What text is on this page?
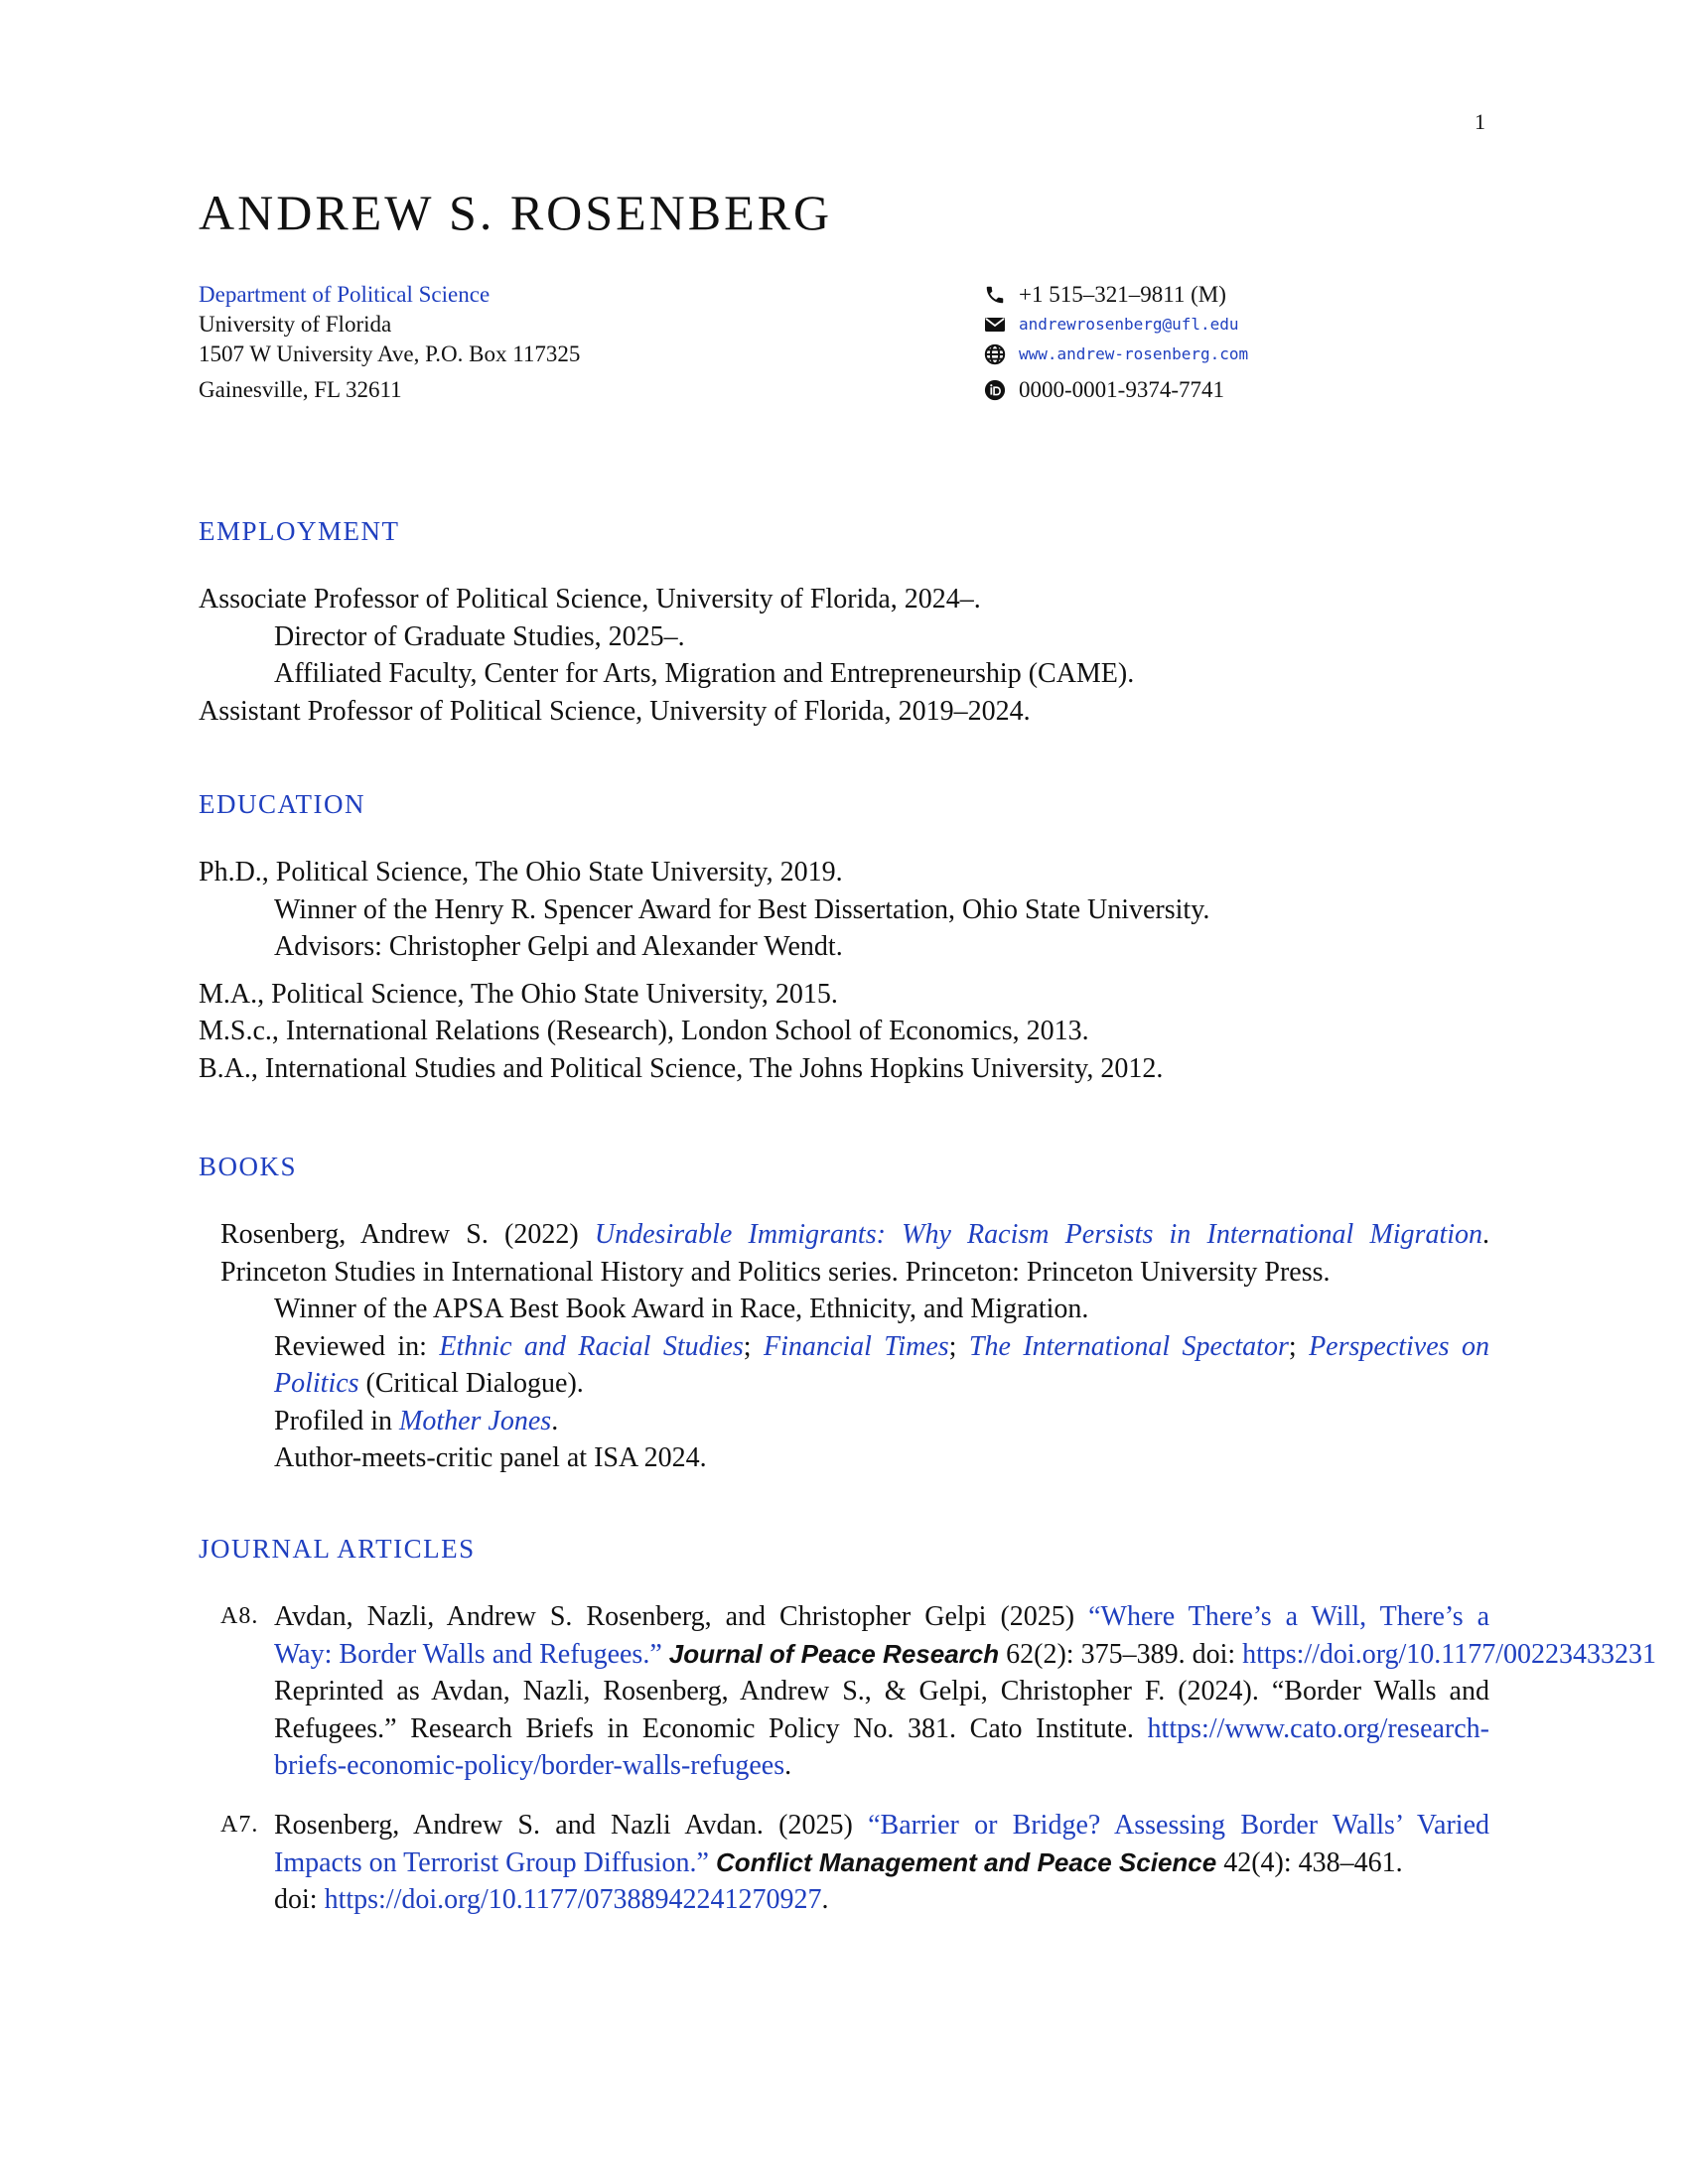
1
ANDREW S. ROSENBERG
Department of Political Science
University of Florida
1507 W University Ave, P.O. Box 117325
Gainesville, FL 32611
+1 515–321–9811 (M)
andrewrosenberg@ufl.edu
www.andrew-rosenberg.com
0000-0001-9374-7741
EMPLOYMENT
Associate Professor of Political Science, University of Florida, 2024–.
Director of Graduate Studies, 2025–.
Affiliated Faculty, Center for Arts, Migration and Entrepreneurship (CAME).
Assistant Professor of Political Science, University of Florida, 2019–2024.
EDUCATION
Ph.D., Political Science, The Ohio State University, 2019.
Winner of the Henry R. Spencer Award for Best Dissertation, Ohio State University.
Advisors: Christopher Gelpi and Alexander Wendt.
M.A., Political Science, The Ohio State University, 2015.
M.S.c., International Relations (Research), London School of Economics, 2013.
B.A., International Studies and Political Science, The Johns Hopkins University, 2012.
BOOKS
Rosenberg, Andrew S. (2022) Undesirable Immigrants: Why Racism Persists in International Migration.
Princeton Studies in International History and Politics series. Princeton: Princeton University Press.
Winner of the APSA Best Book Award in Race, Ethnicity, and Migration.
Reviewed in: Ethnic and Racial Studies; Financial Times; The International Spectator; Perspectives on
Politics (Critical Dialogue).
Profiled in Mother Jones.
Author-meets-critic panel at ISA 2024.
JOURNAL ARTICLES
A8. Avdan, Nazli, Andrew S. Rosenberg, and Christopher Gelpi (2025) “Where There’s a Will, There’s a
Way: Border Walls and Refugees.” Journal of Peace Research 62(2): 375–389. doi: https://doi.org/10.1177/00223433231
Reprinted as Avdan, Nazli, Rosenberg, Andrew S., & Gelpi, Christopher F. (2024). “Border Walls and
Refugees.” Research Briefs in Economic Policy No. 381. Cato Institute. https://www.cato.org/research-
briefs-economic-policy/border-walls-refugees.
A7. Rosenberg, Andrew S. and Nazli Avdan. (2025) “Barrier or Bridge? Assessing Border Walls’ Varied
Impacts on Terrorist Group Diffusion.” Conflict Management and Peace Science 42(4): 438–461.
doi: https://doi.org/10.1177/07388942241270927.
